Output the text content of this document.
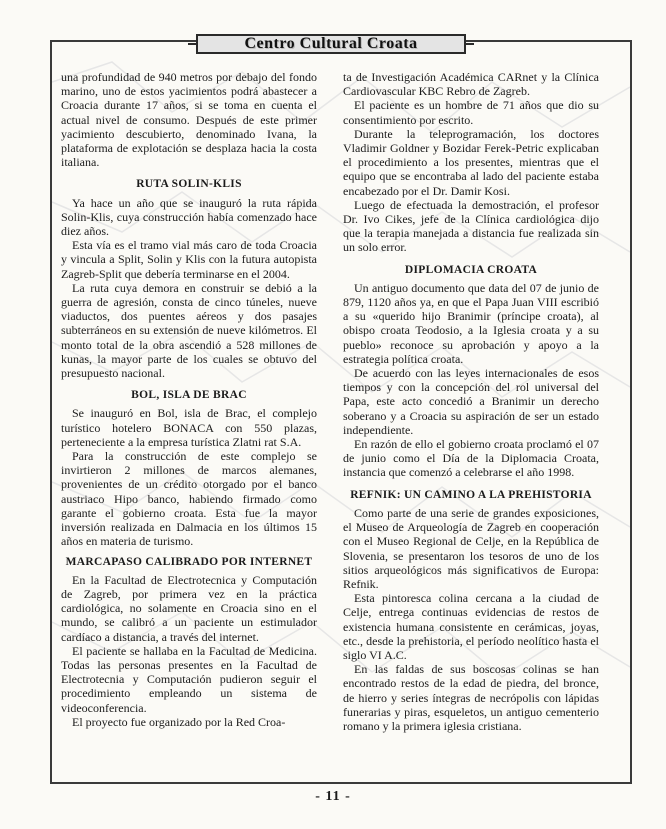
Centro Cultural Croata

una profundidad de 940 metros por debajo del fondo marino, uno de estos yacimientos podrá abastecer a Croacia durante 17 años, si se toma en cuenta el actual nivel de consumo. Después de este primer yacimiento descubierto, denominado Ivana, la plataforma de explotación se desplaza hacia la costa italiana.

RUTA SOLIN-KLIS

Ya hace un año que se inauguró la ruta rápida Solin-Klis, cuya construcción había comenzado hace diez años.

Esta vía es el tramo vial más caro de toda Croacia y vincula a Split, Solin y Klis con la futura autopista Zagreb-Split que debería terminarse en el 2004.

La ruta cuya demora en construir se debió a la guerra de agresión, consta de cinco túneles, nueve viaductos, dos puentes aéreos y dos pasajes subterráneos en su extensión de nueve kilómetros. El monto total de la obra ascendió a 528 millones de kunas, la mayor parte de los cuales se obtuvo del presupuesto nacional.

BOL, ISLA DE BRAC

Se inauguró en Bol, isla de Brac, el complejo turístico hotelero BONACA con 550 plazas, perteneciente a la empresa turística Zlatni rat S.A.

Para la construcción de este complejo se invirtieron 2 millones de marcos alemanes, provenientes de un crédito otorgado por el banco austriaco Hipo banco, habiendo firmado como garante el gobierno croata. Esta fue la mayor inversión realizada en Dalmacia en los últimos 15 años en materia de turismo.

MARCAPASO CALIBRADO POR INTERNET

En la Facultad de Electrotecnica y Computación de Zagreb, por primera vez en la práctica cardiológica, no solamente en Croacia sino en el mundo, se calibró a un paciente un estimulador cardíaco a distancia, a través del internet.

El paciente se hallaba en la Facultad de Medicina. Todas las personas presentes en la Facultad de Electrotecnia y Computación pudieron seguir el procedimiento empleando un sistema de videoconferencia.

El proyecto fue organizado por la Red Croa-

ta de Investigación Académica CARnet y la Clínica Cardiovascular KBC Rebro de Zagreb.

El paciente es un hombre de 71 años que dio su consentimiento por escrito.

Durante la teleprogramación, los doctores Vladimir Goldner y Bozidar Ferek-Petric explicaban el procedimiento a los presentes, mientras que el equipo que se encontraba al lado del paciente estaba encabezado por el Dr. Damir Kosi.

Luego de efectuada la demostración, el profesor Dr. Ivo Cikes, jefe de la Clínica cardiológica dijo que la terapia manejada a distancia fue realizada sin un solo error.

DIPLOMACIA CROATA

Un antiguo documento que data del 07 de junio de 879, 1120 años ya, en que el Papa Juan VIII escribió a su «querido hijo Branimir (príncipe croata), al obispo croata Teodosio, a la Iglesia croata y a su pueblo» reconoce su aprobación y apoyo a la estrategia política croata.

De acuerdo con las leyes internacionales de esos tiempos y con la concepción del rol universal del Papa, este acto concedió a Branimir un derecho soberano y a Croacia su aspiración de ser un estado independiente.

En razón de ello el gobierno croata proclamó el 07 de junio como el Día de la Diplomacia Croata, instancia que comenzó a celebrarse el año 1998.

REFNIK: UN CAMINO A LA PREHISTORIA

Como parte de una serie de grandes exposiciones, el Museo de Arqueología de Zagreb en cooperación con el Museo Regional de Celje, en la República de Slovenia, se presentaron los tesoros de uno de los sitios arqueológicos más significativos de Europa: Refnik.

Esta pintoresca colina cercana a la ciudad de Celje, entrega continuas evidencias de restos de existencia humana consistente en cerámicas, joyas, etc., desde la prehistoria, el período neolítico hasta el siglo VI A.C.

En las faldas de sus boscosas colinas se han encontrado restos de la edad de piedra, del bronce, de hierro y series íntegras de necrópolis con lápidas funerarias y piras, esqueletos, un antiguo cementerio romano y la primera iglesia cristiana.

- 11 -
